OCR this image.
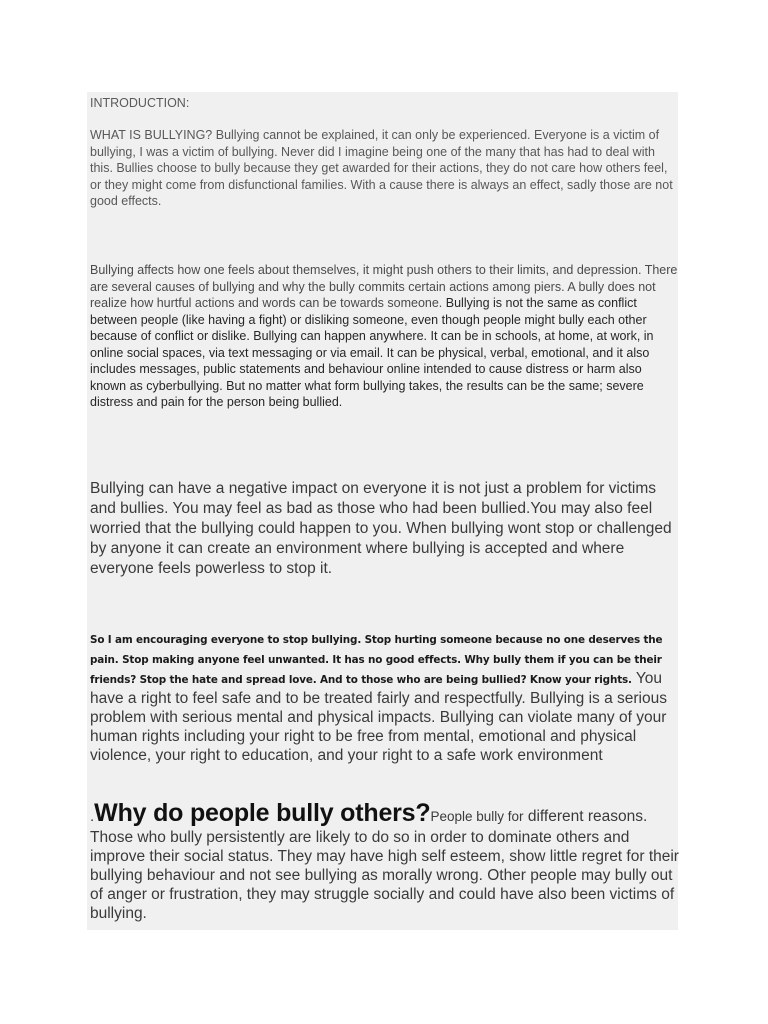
INTRODUCTION:

WHAT IS BULLYING? Bullying cannot be explained, it can only be experienced. Everyone is a victim of bullying, I was a victim of bullying. Never did I imagine being one of the many that has had to deal with this. Bullies choose to bully because they get awarded for their actions, they do not care how others feel, or they might come from disfunctional families. With a cause there is always an effect, sadly those are not good effects.

Bullying affects how one feels about themselves, it might push others to their limits, and depression. There are several causes of bullying and why the bully commits certain actions among piers. A bully does not realize how hurtful actions and words can be towards someone. Bullying is not the same as conflict between people (like having a fight) or disliking someone, even though people might bully each other because of conflict or dislike. Bullying can happen anywhere. It can be in schools, at home, at work, in online social spaces, via text messaging or via email. It can be physical, verbal, emotional, and it also includes messages, public statements and behaviour online intended to cause distress or harm also known as cyberbullying. But no matter what form bullying takes, the results can be the same; severe distress and pain for the person being bullied.

Bullying can have a negative impact on everyone it is not just a problem for victims and bullies. You may feel as bad as those who had been bullied.You may also feel worried that the bullying could happen to you. When bullying wont stop or challenged by anyone it can create an environment where bullying is accepted and where everyone feels powerless to stop it.

So I am encouraging everyone to stop bullying. Stop hurting someone because no one deserves the pain. Stop making anyone feel unwanted. It has no good effects. Why bully them if you can be their friends? Stop the hate and spread love. And to those who are being bullied? Know your rights. You have a right to feel safe and to be treated fairly and respectfully. Bullying is a serious problem with serious mental and physical impacts. Bullying can violate many of your human rights including your right to be free from mental, emotional and physical violence, your right to education, and your right to a safe work environment

.Why do people bully others?People bully for different reasons. Those who bully persistently are likely to do so in order to dominate others and improve their social status. They may have high self esteem, show little regret for their bullying behaviour and not see bullying as morally wrong. Other people may bully out of anger or frustration, they may struggle socially and could have also been victims of bullying.
